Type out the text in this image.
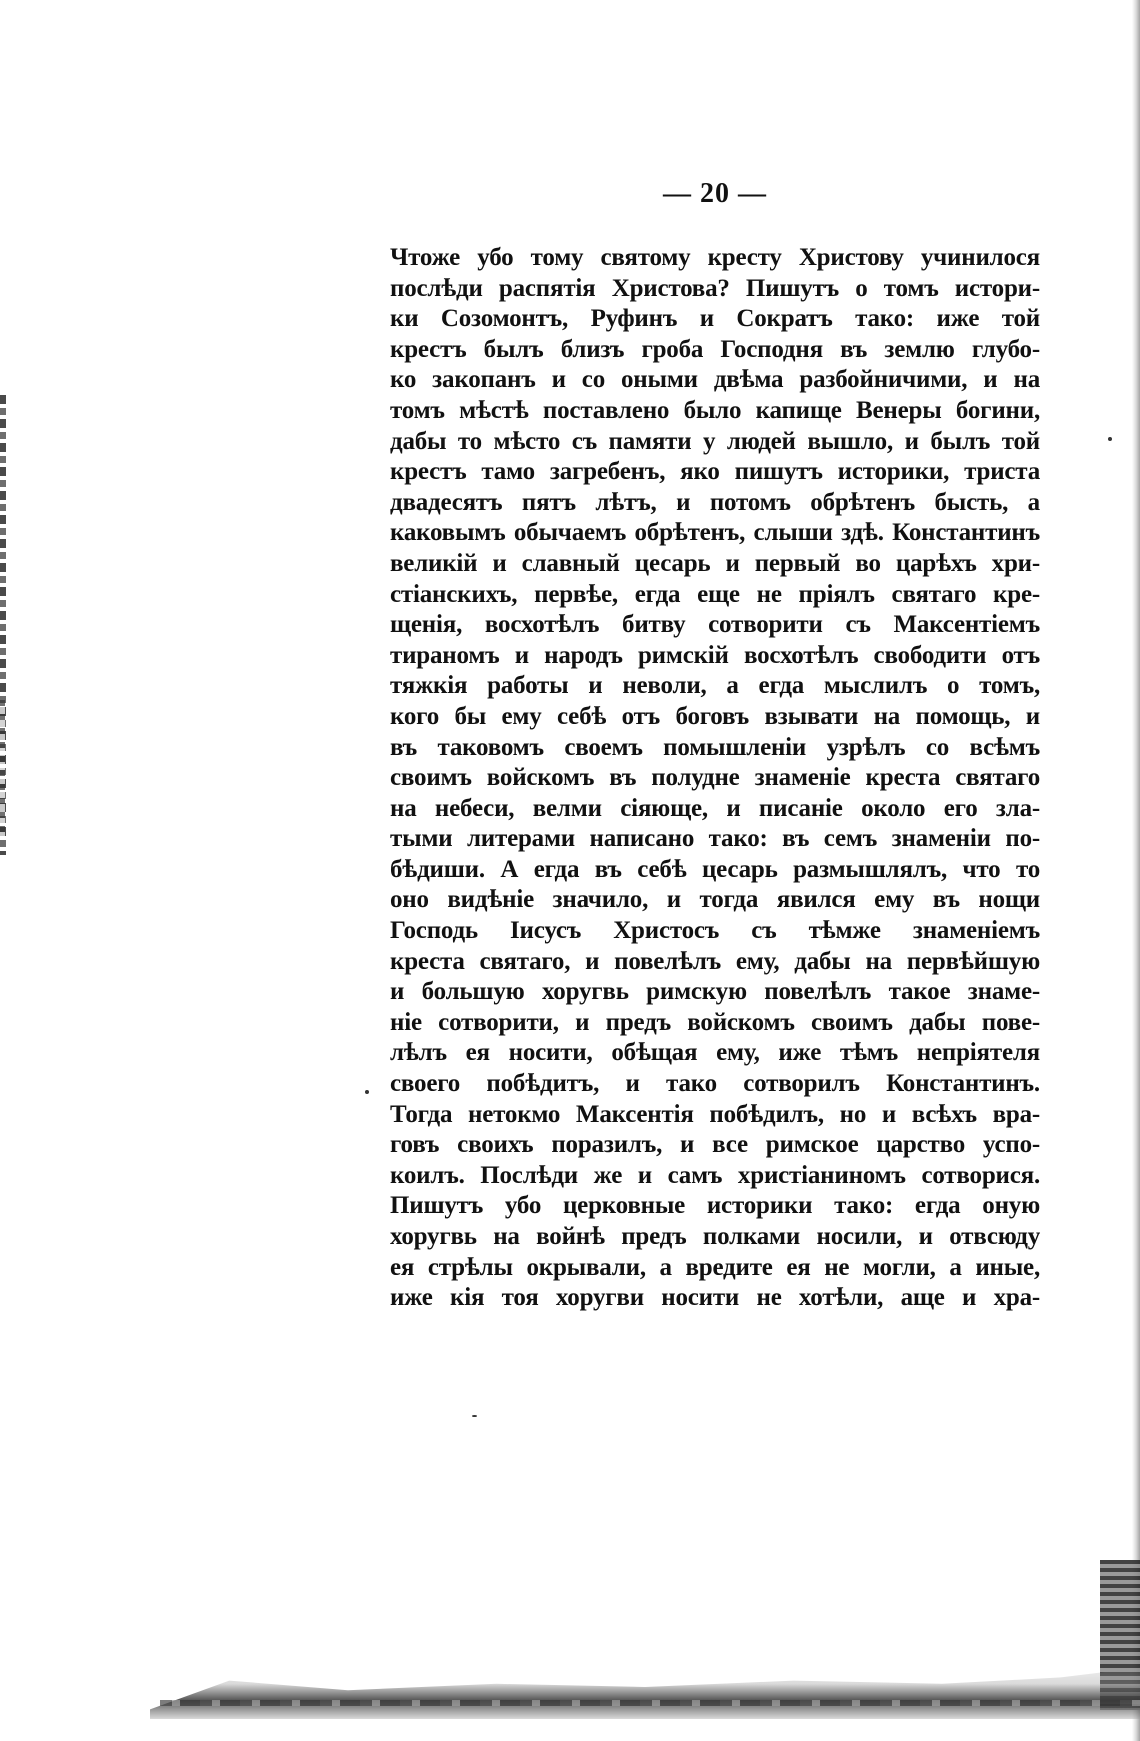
— 20 —
Чтоже убо тому святому кресту Христову учинилося
послѣди распятія Христова? Пишутъ о томъ истори-
ки Созомонтъ, Руфинъ и Сократъ тако: иже той
крестъ былъ близъ гроба Господня въ землю глубо-
ко закопанъ и со оными двѣма разбойничими, и на
томъ мѣстѣ поставлено было капище Венеры богини,
дабы то мѣсто съ памяти у людей вышло, и былъ той
крестъ тамо загребенъ, яко пишутъ историки, триста
двадесятъ пятъ лѣтъ, и потомъ обрѣтенъ бысть, а
каковымъ обычаемъ обрѣтенъ, слыши здѣ. Константинъ
великій и славный цесарь и первый во царѣхъ хри-
стіанскихъ, первѣе, егда еще не пріялъ святаго кре-
щенія, восхотѣлъ битву сотворити съ Максентіемъ
тираномъ и народъ римскій восхотѣлъ свободити отъ
тяжкія работы и неволи, а егда мыслилъ о томъ,
кого бы ему себѣ отъ боговъ взывати на помощь, и
въ таковомъ своемъ помышленіи узрѣлъ со всѣмъ
своимъ войскомъ въ полудне знаменіе креста святаго
на небеси, велми сіяюще, и писаніе около его зла-
тыми литерами написано тако: въ семъ знаменіи по-
бѣдиши. А егда въ себѣ цесарь размышлялъ, что то
оно видѣніе значило, и тогда явился ему въ нощи
Господь Іисусъ Христосъ съ тѣмже знаменіемъ
креста святаго, и повелѣлъ ему, дабы на первѣйшую
и большую хоругвь римскую повелѣлъ такое знаме-
ніе сотворити, и предъ войскомъ своимъ дабы пове-
лѣлъ ея носити, обѣщая ему, иже тѣмъ непріятеля
своего побѣдитъ, и тако сотворилъ Константинъ.
Тогда нетокмо Максентія побѣдилъ, но и всѣхъ вра-
говъ своихъ поразилъ, и все римское царство успо-
коилъ. Послѣди же и самъ христіаниномъ сотворися.
Пишутъ убо церковные историки тако: егда оную
хоругвь на войнѣ предъ полками носили, и отвсюду
ея стрѣлы окрывали, а вредите ея не могли, а иные,
иже кія тоя хоругви носити не хотѣли, аще и хра-
